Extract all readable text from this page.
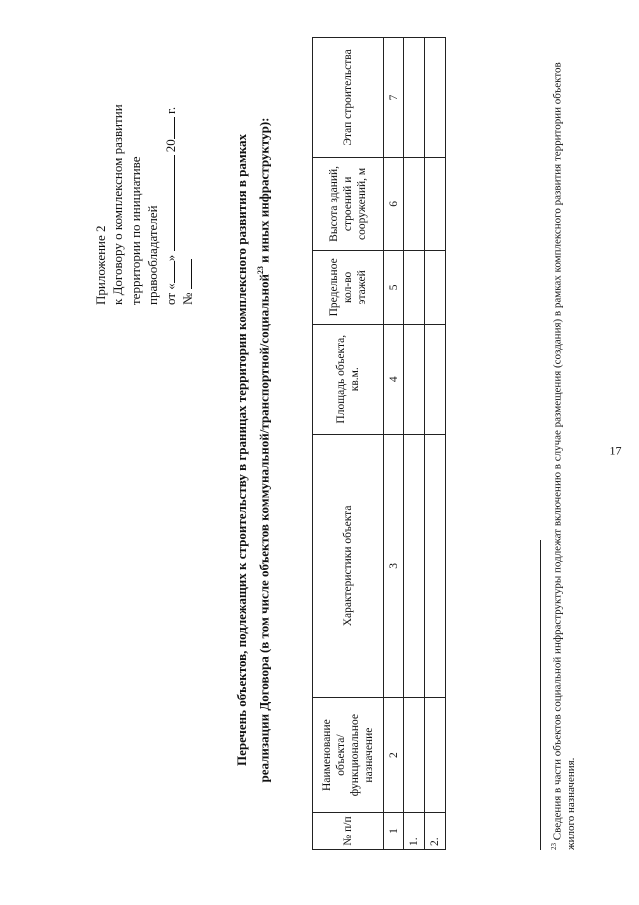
17
Приложение 2 к Договору о комплексном развитии территории по инициативе правообладателей от «»  20 г.
№	Перечень объектов, подлежащих к строительству в границах территории комплексного развития в рамках реализации Договора (в том числе объектов коммунальной/транспортной/социальной$^{23}$ и иных инфраструктур):
№ п/п	Наименование объекта/ функциональное назначение	Характеристики объекта	Площадь объекта, кв.м.	Предельное кол-во этажей	Высота зданий, строений и сооружений, м	Этап строительства
1	2	3	4	5	6	7
1.						
2.						
$^{23}$ Сведения в части объектов социальной инфраструктуры подлежат включению в случае размещения (создания) в рамках комплексного развития территории объектов жилого назначения.
